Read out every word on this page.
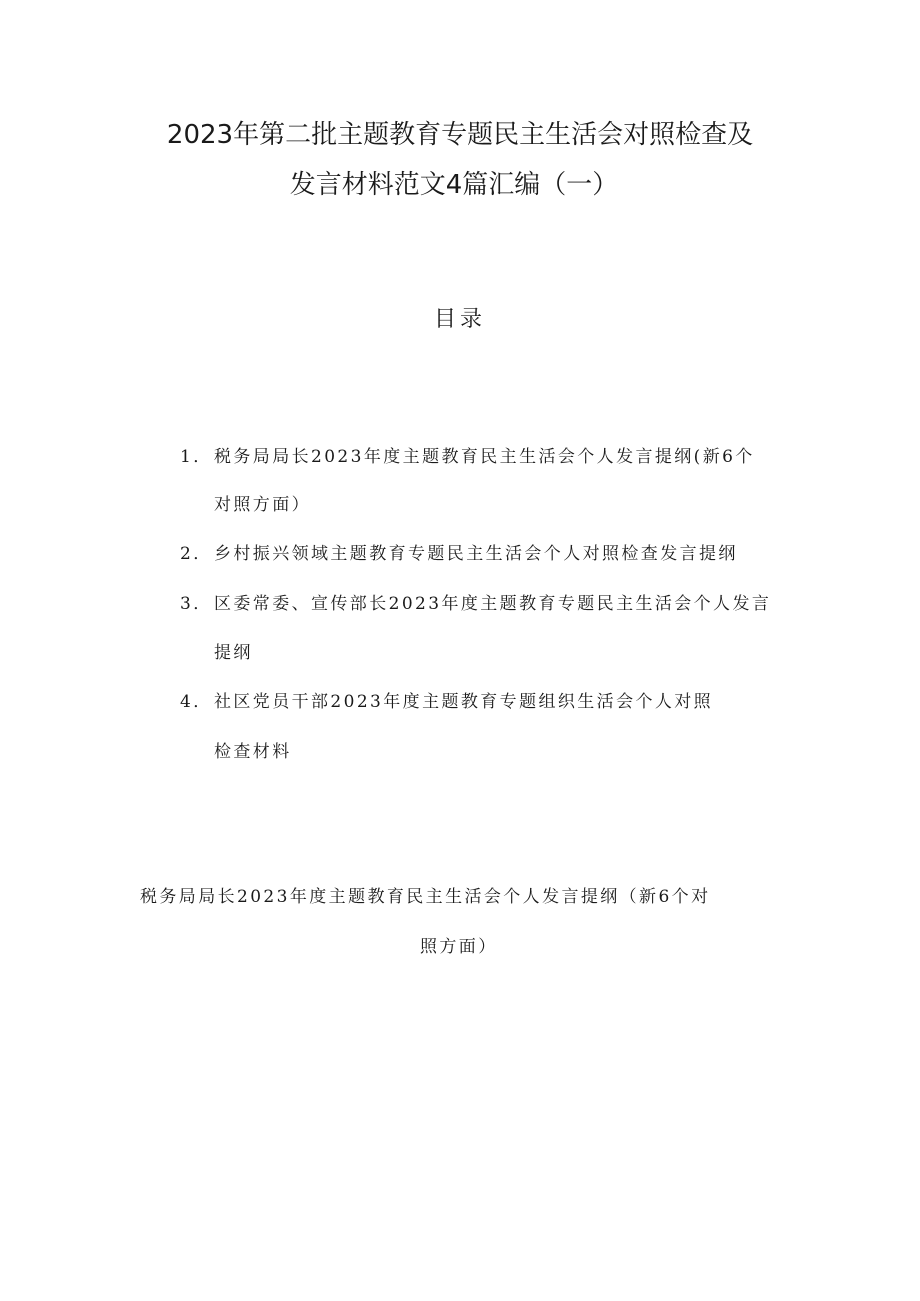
2023年第二批主题教育专题民主生活会对照检查及
发言材料范文4篇汇编（一）
目录
1．税务局局长2023年度主题教育民主生活会个人发言提纲(新6个
对照方面）
2．乡村振兴领域主题教育专题民主生活会个人对照检查发言提纲
3．区委常委、宣传部长2023年度主题教育专题民主生活会个人发言
提纲
4．社区党员干部2023年度主题教育专题组织生活会个人对照
检查材料
税务局局长2023年度主题教育民主生活会个人发言提纲（新6个对
照方面）
